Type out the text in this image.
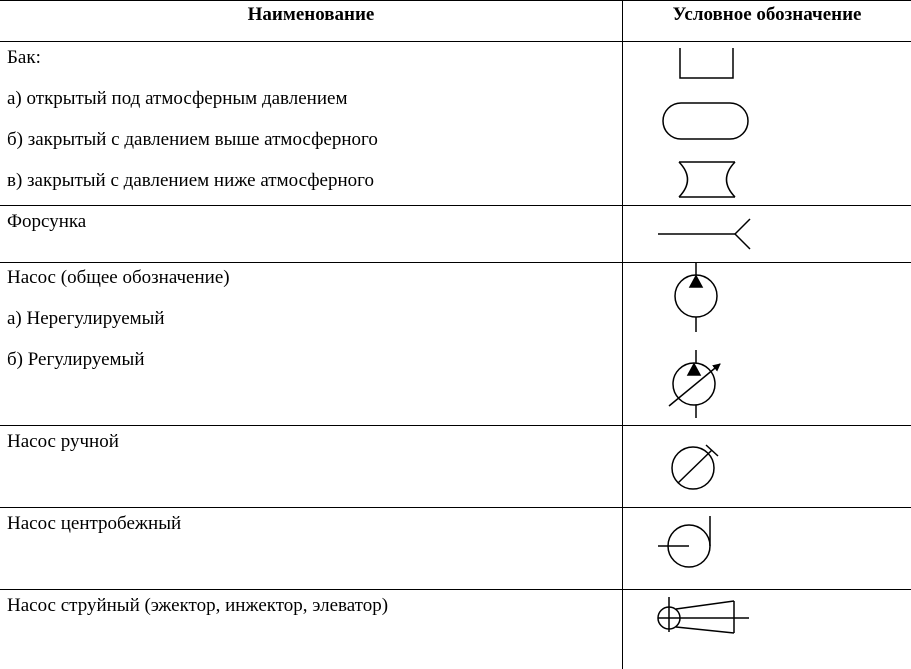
Наименование	Условное обозначение
Бак:
а) открытый под атмосферным давлением
б) закрытый с давлением выше атмосферного
в) закрытый с давлением ниже атмосферного
Форсунка
Насос (общее обозначение)
а) Нерегулируемый
б) Регулируемый
Насос ручной
Насос центробежный
Насос струйный (эжектор, инжектор, элеватор)
